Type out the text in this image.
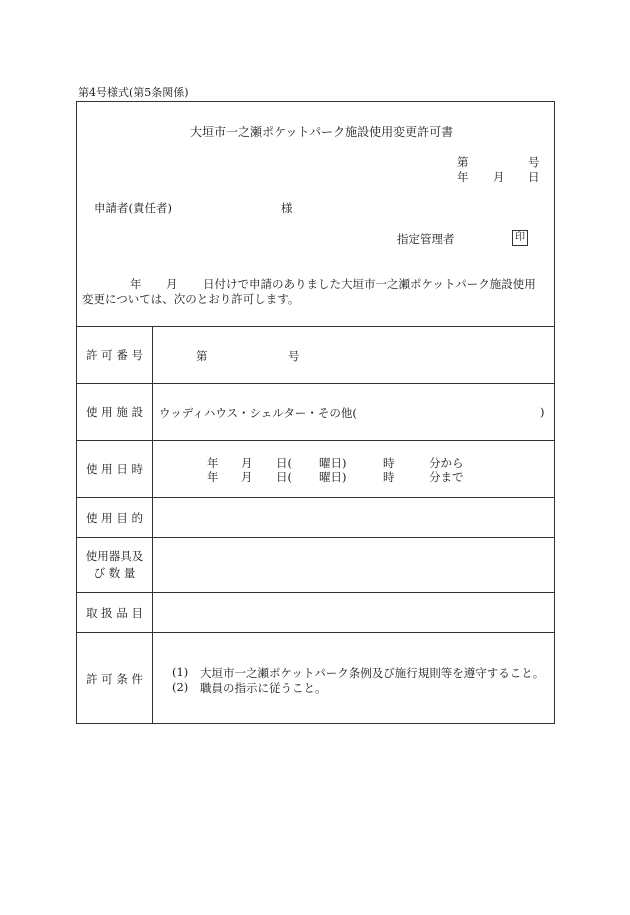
第4号様式(第5条関係)
大垣市一之瀬ポケットパーク施設使用変更許可書
第	号
年 月 日
申請者(責任者)	様
指定管理者	印
年 月 日付けで申請のありました大垣市一之瀬ポケットパーク施設使用
変更については、次のとおり許可します。
許 可 番 号	第	号
使 用 施 設 ウッディハウス・シェルター・その他(	)
使 用 日 時	年 月 日( 曜日)	時	分から
年 月 日( 曜日)	時	分まで
使 用 目 的
使用器具及
び 数 量
取 扱 品 目
許 可 条 件	(1) 大垣市一之瀬ポケットパーク条例及び施行規則等を遵守すること。
(2) 職員の指示に従うこと。
